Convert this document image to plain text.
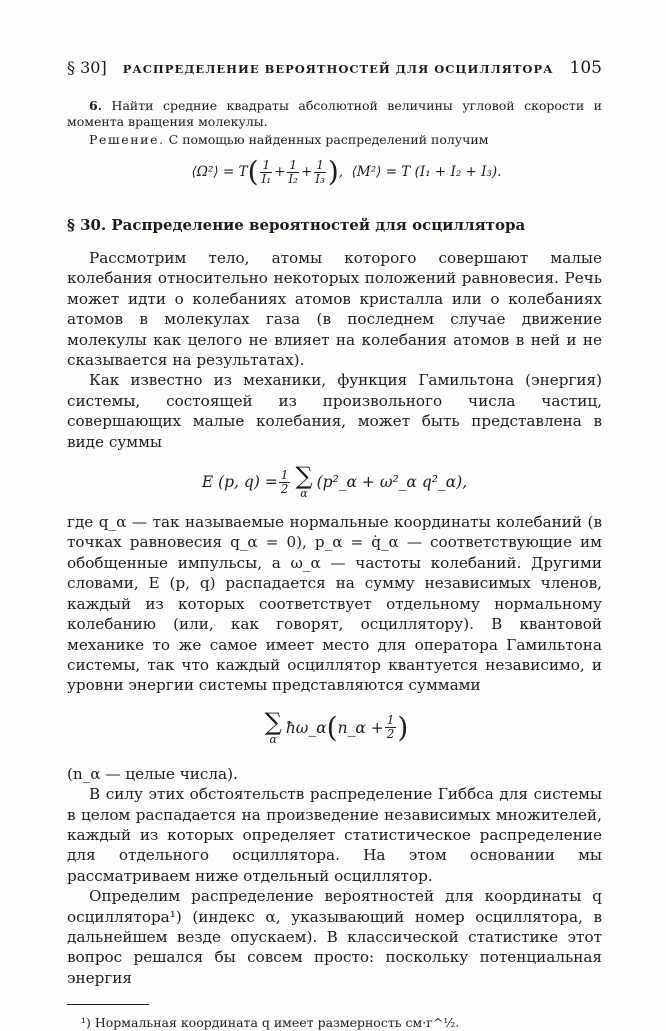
§ 30] РАСПРЕДЕЛЕНИЕ ВЕРОЯТНОСТЕЙ ДЛЯ ОСЦИЛЛЯТОРА 105
6. Найти средние квадраты абсолютной величины угловой скорости и момента вращения молекулы.
Решение. С помощью найденных распределений получим
⟨Ω²⟩ = T ( $\frac{1}{\text{I₁}} + \frac{1}{\text{I₂}} + \frac{1}{\text{I₃}}$ ) , ⟨M²⟩ = T (I₁ + I₂ + I₃).
§ 30. Распределение вероятностей для осциллятора

Рассмотрим тело, атомы которого совершают малые колебания относительно некоторых положений равновесия. Речь может идти о колебаниях атомов кристалла или о колебаниях атомов в молекулах газа (в последнем случае движение молекулы как целого не влияет на колебания атомов в ней и не сказывается на результатах).

Как известно из механики, функция Гамильтона (энергия) системы, состоящей из произвольного числа частиц, совершающих малые колебания, может быть представлена в виде суммы

E (p, $q) = \frac{1}{2}$ ∑
α
(p²_α + ω²_α q²_α),

где q_α — так называемые нормальные координаты колебаний (в точках равновесия q_α = 0), p_α = q̇_α — соответствующие им обобщенные импульсы, а ω_α — частоты колебаний. Другими словами, E (p, q) распадается на сумму независимых членов, каждый из которых соответствует отдельному нормальному колебанию (или, как говорят, осциллятору). В квантовой механике то же самое имеет место для оператора Гамильтона системы, так что каждый осциллятор квантуется независимо, и уровни энергии системы представляются суммами

∑
α
ħω_α ( n_α + $\frac{1}{2}$ )

(n_α — целые числа).

В силу этих обстоятельств распределение Гиббса для системы в целом распадается на произведение независимых множителей, каждый из которых определяет статистическое распределение для отдельного осциллятора. На этом основании мы рассматриваем ниже отдельный осциллятор.

Определим распределение вероятностей для координаты q осциллятора¹) (индекс α, указывающий номер осциллятора, в дальнейшем везде опускаем). В классической статистике этот вопрос решался бы совсем просто: поскольку потенциальная энергия

¹) Нормальная координата q имеет размерность см·г^½.
